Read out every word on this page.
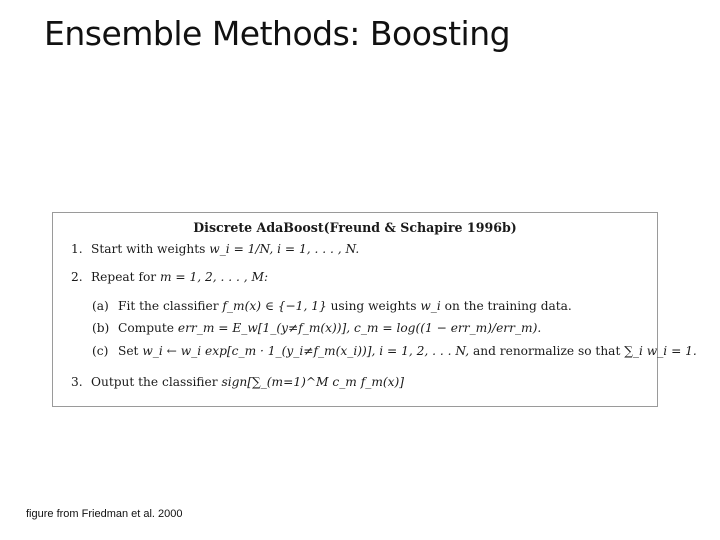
Ensemble Methods: Boosting
Discrete AdaBoost(Freund & Schapire 1996b)
1. Start with weights w_i = 1/N, i = 1, . . . , N.
2. Repeat for m = 1, 2, . . . , M:
(a) Fit the classifier f_m(x) ∈ {−1, 1} using weights w_i on the training data.
(b) Compute err_m = E_w[1_(y≠f_m(x))], c_m = log((1 − err_m)/err_m).
(c) Set w_i ← w_i exp[c_m · 1_(y_i≠f_m(x_i))], i = 1, 2, . . . N, and renormalize so that ∑_i w_i = 1.
3. Output the classifier sign[∑_(m=1)^M c_m f_m(x)]
figure from Friedman et al. 2000
